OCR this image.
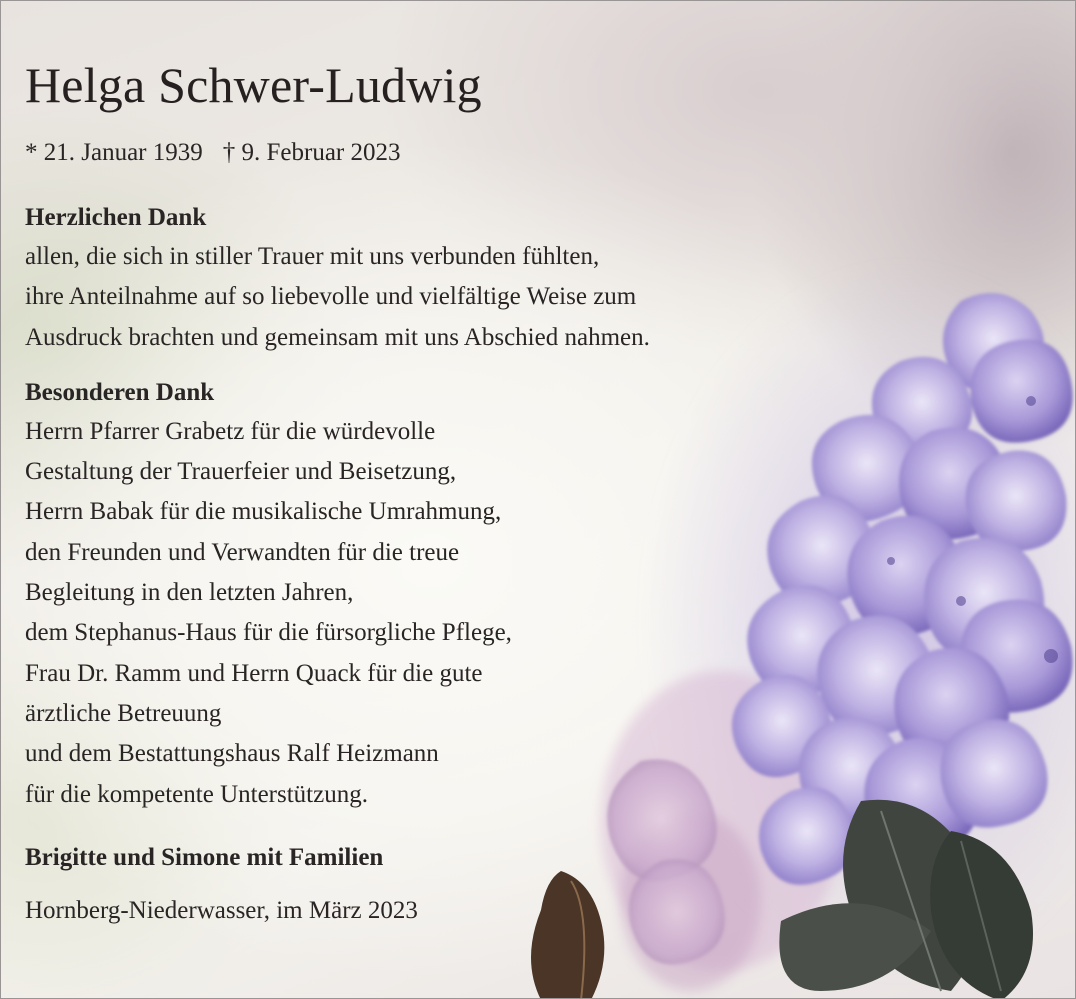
Helga Schwer-Ludwig
* 21. Januar 1939 † 9. Februar 2023
Herzlichen Dank
allen, die sich in stiller Trauer mit uns verbunden fühlten,
ihre Anteilnahme auf so liebevolle und vielfältige Weise zum
Ausdruck brachten und gemeinsam mit uns Abschied nahmen.
Besonderen Dank
Herrn Pfarrer Grabetz für die würdevolle
Gestaltung der Trauerfeier und Beisetzung,
Herrn Babak für die musikalische Umrahmung,
den Freunden und Verwandten für die treue
Begleitung in den letzten Jahren,
dem Stephanus-Haus für die fürsorgliche Pflege,
Frau Dr. Ramm und Herrn Quack für die gute
ärztliche Betreuung
und dem Bestattungshaus Ralf Heizmann
für die kompetente Unterstützung.
Brigitte und Simone mit Familien
Hornberg-Niederwasser, im März 2023
